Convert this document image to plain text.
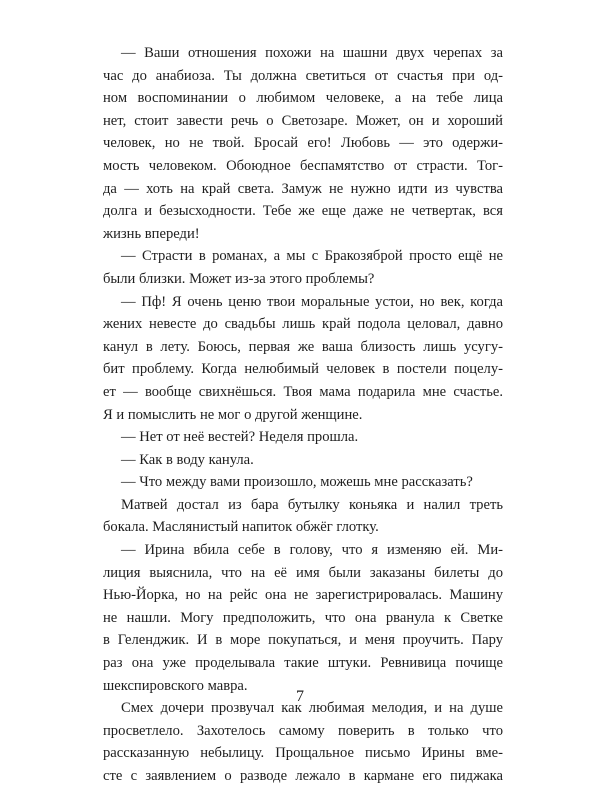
— Ваши отношения похожи на шашни двух черепах за
час до анабиоза. Ты должна светиться от счастья при од-
ном воспоминании о любимом человеке, а на тебе лица
нет, стоит завести речь о Светозаре. Может, он и хороший
человек, но не твой. Бросай его! Любовь — это одержи-
мость человеком. Обоюдное беспамятство от страсти. Тог-
да — хоть на край света. Замуж не нужно идти из чувства
долга и безысходности. Тебе же еще даже не четвертак, вся
жизнь впереди!
— Страсти в романах, а мы с Бракозяброй просто ещё не
были близки. Может из-за этого проблемы?
— Пф! Я очень ценю твои моральные устои, но век, когда
жених невесте до свадьбы лишь край подола целовал, давно
канул в лету. Боюсь, первая же ваша близость лишь усугу-
бит проблему. Когда нелюбимый человек в постели поцелу-
ет — вообще свихнёшься. Твоя мама подарила мне счастье.
Я и помыслить не мог о другой женщине.
— Нет от неё вестей? Неделя прошла.
— Как в воду канула.
— Что между вами произошло, можешь мне рассказать?
Матвей достал из бара бутылку коньяка и налил треть
бокала. Маслянистый напиток обжёг глотку.
— Ирина вбила себе в голову, что я изменяю ей. Ми-
лиция выяснила, что на её имя были заказаны билеты до
Нью-Йорка, но на рейс она не зарегистрировалась. Машину
не нашли. Могу предположить, что она рванула к Светке
в Геленджик. И в море покупаться, и меня проучить. Пару
раз она уже проделывала такие штуки. Ревнивица почище
шекспировского мавра.
Смех дочери прозвучал как любимая мелодия, и на душе
просветлело. Захотелось самому поверить в только что
рассказанную небылицу. Прощальное письмо Ирины вме-
сте с заявлением о разводе лежало в кармане его пиджака
7
